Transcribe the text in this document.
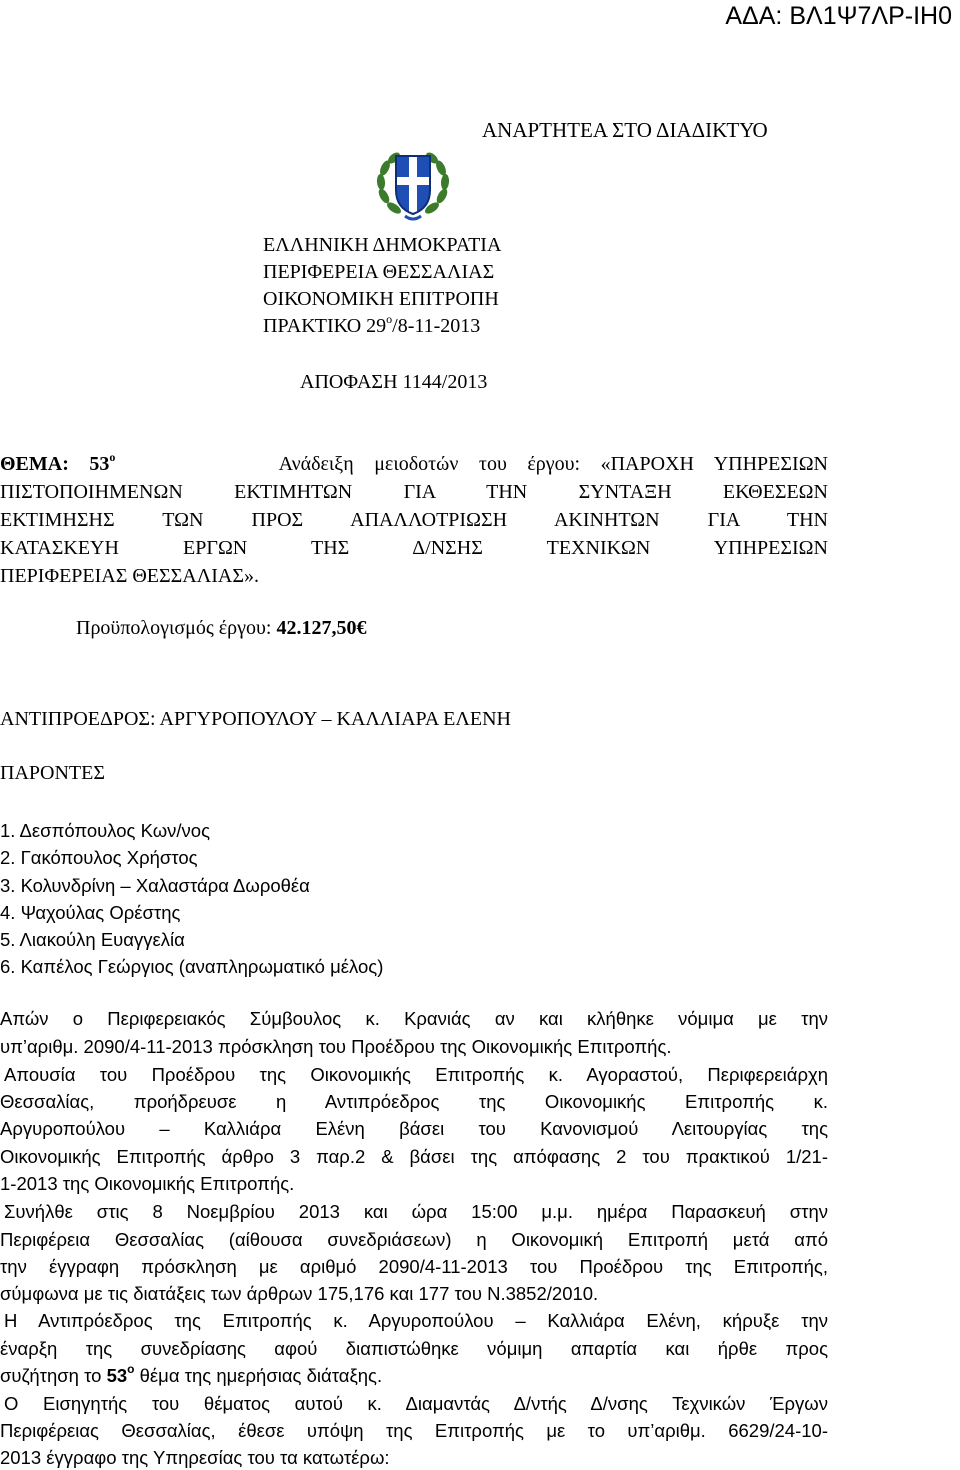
ΑΔΑ: ΒΛ1Ψ7ΛΡ-ΙΗ0
ΑΝΑΡΤΗΤΕΑ ΣΤΟ ΔΙΑΔΙΚΤΥΟ
ΕΛΛΗΝΙΚΗ ΔΗΜΟΚΡΑΤΙΑ
ΠΕΡΙΦΕΡΕΙΑ ΘΕΣΣΑΛΙΑΣ
ΟΙΚΟΝΟΜΙΚΗ ΕΠΙΤΡΟΠΗ
ΠΡΑΚΤΙΚΟ $29^o/8-11-2013$
ΑΠΟΦΑΣΗ 1144/2013
ΘΕΜΑ: $53^o$	Ανάδειξη μειοδοτών του έργου: «ΠΑΡΟΧΗ ΥΠΗΡΕΣΙΩΝ
ΠΙΣΤΟΠΟΙΗΜΕΝΩΝ ΕΚΤΙΜΗΤΩΝ ΓΙΑ ΤΗΝ ΣΥΝΤΑΞΗ ΕΚΘΕΣΕΩΝ
ΕΚΤΙΜΗΣΗΣ ΤΩΝ ΠΡΟΣ ΑΠΑΛΛΟΤΡΙΩΣΗ ΑΚΙΝΗΤΩΝ ΓΙΑ ΤΗΝ
ΚΑΤΑΣΚΕΥΗ ΕΡΓΩΝ ΤΗΣ Δ/ΝΣΗΣ ΤΕΧΝΙΚΩΝ ΥΠΗΡΕΣΙΩΝ
ΠΕΡΙΦΕΡΕΙΑΣ ΘΕΣΣΑΛΙΑΣ».
Προϋπολογισμός έργου: 42.127,50€
ΑΝΤΙΠΡΟΕΔΡΟΣ: ΑΡΓΥΡΟΠΟΥΛΟΥ – ΚΑΛΛΙΑΡΑ ΕΛΕΝΗ
ΠΑΡΟΝΤΕΣ
1. Δεσπόπουλος Κων/νος
2. Γακόπουλος Χρήστος
3. Κολυνδρίνη – Χαλαστάρα Δωροθέα
4. Ψαχούλας Ορέστης
5. Λιακούλη Ευαγγελία
6. Καπέλος Γεώργιος (αναπληρωματικό μέλος)
Απών ο Περιφερειακός Σύμβουλος κ. Κρανιάς αν και κλήθηκε νόμιμα με την
υπ’αριθμ. 2090/4-11-2013 πρόσκληση του Προέδρου της Οικονομικής Επιτροπής.
Απουσία του Προέδρου της Οικονομικής Επιτροπής κ. Αγοραστού, Περιφερειάρχη
Θεσσαλίας, προήδρευσε η Αντιπρόεδρος της Οικονομικής Επιτροπής κ.
Αργυροπούλου – Καλλιάρα Ελένη βάσει του Κανονισμού Λειτουργίας της
Οικονομικής Επιτροπής άρθρο 3 παρ.2 & βάσει της απόφασης 2 του πρακτικού 1/21-
1-2013 της Οικονομικής Επιτροπής.
Συνήλθε στις 8 Νοεμβρίου 2013 και ώρα 15:00 μ.μ. ημέρα Παρασκευή στην
Περιφέρεια Θεσσαλίας (αίθουσα συνεδριάσεων) η Οικονομική Επιτροπή μετά από
την έγγραφη πρόσκληση με αριθμό 2090/4-11-2013 του Προέδρου της Επιτροπής,
σύμφωνα με τις διατάξεις των άρθρων 175,176 και 177 του Ν.3852/2010.
Η Αντιπρόεδρος της Επιτροπής κ. Αργυροπούλου – Καλλιάρα Ελένη, κήρυξε την
έναρξη της συνεδρίασης αφού διαπιστώθηκε νόμιμη απαρτία και ήρθε προς
συζήτηση το $53^o$ θέμα της ημερήσιας διάταξης.
Ο Εισηγητής του θέματος αυτού κ. Διαμαντάς Δ/ντής Δ/νσης Τεχνικών Έργων
Περιφέρειας Θεσσαλίας, έθεσε υπόψη της Επιτροπής με το υπ’αριθμ. 6629/24-10-
2013 έγγραφο της Υπηρεσίας του τα κατωτέρω:
